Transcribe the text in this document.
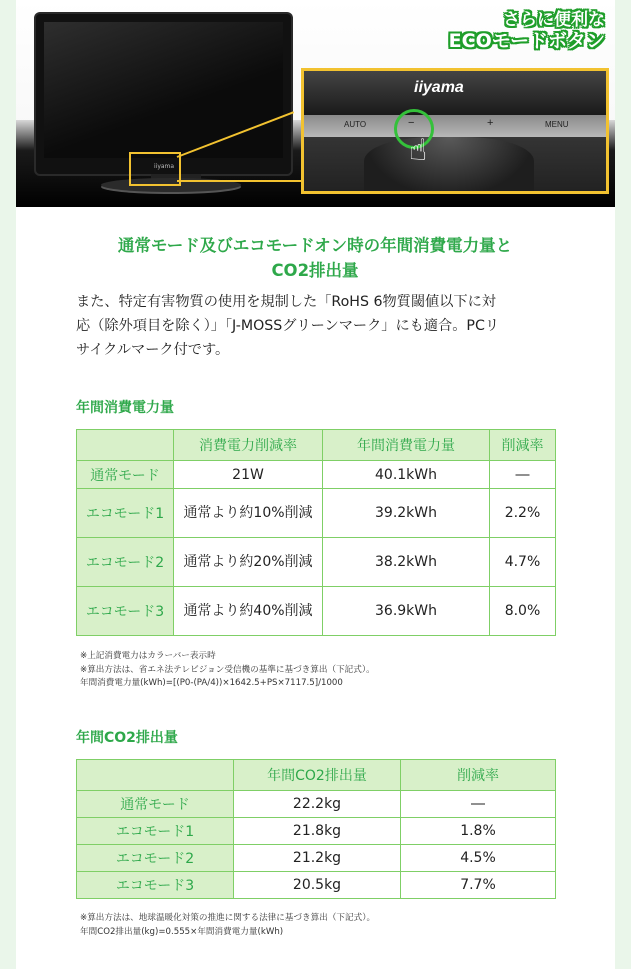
iiyama
iiyama
AUTO	−	+	MENU
☝
さらに便利な
ECOモードボタン
通常モード及びエコモードオン時の年間消費電力量と
CO2排出量
また、特定有害物質の使用を規制した「RoHS 6物質閾値以下に対
応（除外項目を除く）」「J-MOSSグリーンマーク」にも適合。PCリ
サイクルマーク付です。
年間消費電力量
	消費電力削減率	年間消費電力量	削減率
通常モード	21W	40.1kWh	―
エコモード1	通常より約10%削減	39.2kWh	2.2%
エコモード2	通常より約20%削減	38.2kWh	4.7%
エコモード3	通常より約40%削減	36.9kWh	8.0%
※上記消費電力はカラーバー表示時
※算出方法は、省エネ法テレビジョン受信機の基準に基づき算出（下記式）。
年間消費電力量(kWh)=[(P0-(PA/4))×1642.5+PS×7117.5]/1000
年間CO2排出量
	年間CO2排出量	削減率
通常モード	22.2kg	―
エコモード1	21.8kg	1.8%
エコモード2	21.2kg	4.5%
エコモード3	20.5kg	7.7%
※算出方法は、地球温暖化対策の推進に関する法律に基づき算出（下記式）。
年間CO2排出量(kg)=0.555×年間消費電力量(kWh)
